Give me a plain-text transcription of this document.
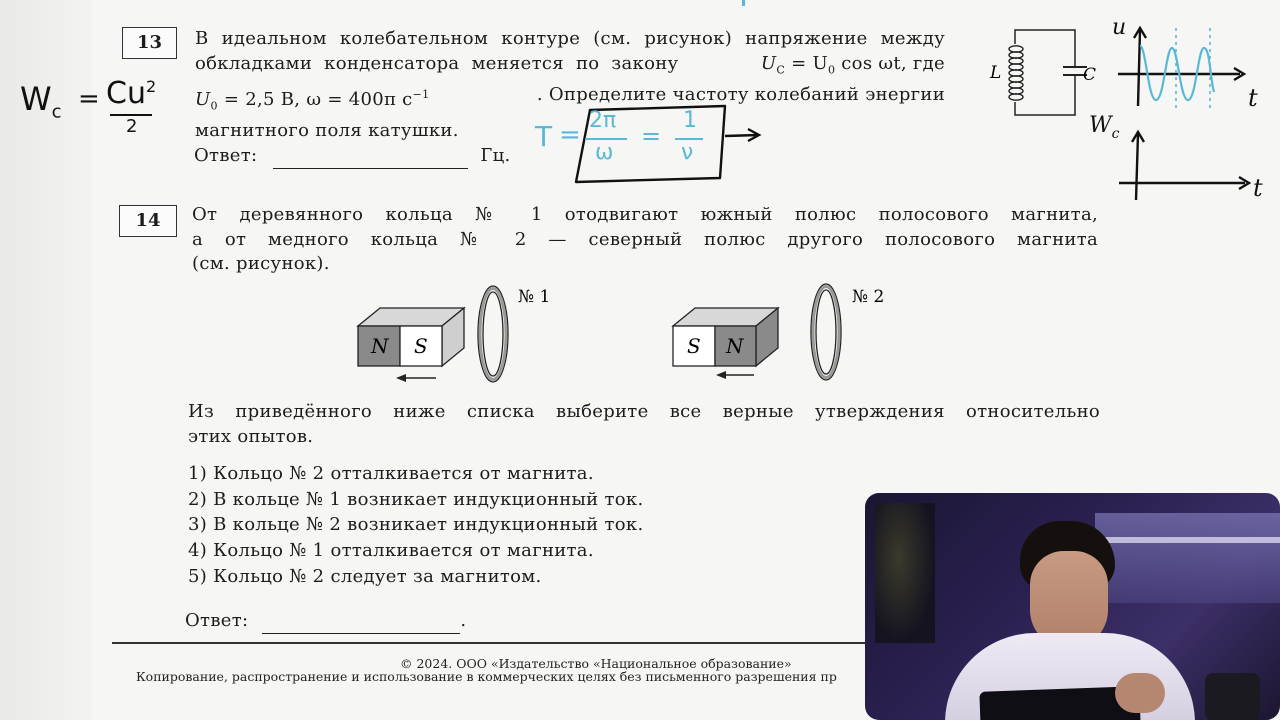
13	В идеальном колебательном контуре (см. рисунок) напряжение между
обкладками конденсатора меняется по закону	$U_C = U_0$ cos ωt, где
$U_0 = 2,5$ В, ω = 400π $с^{-1}$	. Определите частоту колебаний энергии
магнитного поля катушки.
Ответ:	Гц.
L	C
14	От деревянного кольца № 1 отодвигают южный полюс полосового магнита,
а от медного кольца № 2 — северный полюс другого полосового магнита
(см. рисунок).
N S
№ 1
S N
№ 2
Из приведённого ниже списка выберите все верные утверждения относительно
этих опытов.
1) Кольцо № 2 отталкивается от магнита.
2) В кольце № 1 возникает индукционный ток.
3) В кольце № 2 возникает индукционный ток.
4) Кольцо № 1 отталкивается от магнита.
5) Кольцо № 2 следует за магнитом.
Ответ:	.
© 2024. ООО «Издательство «Национальное образование»
Копирование, распространение и использование в коммерческих целях без письменного разрешения пр
$W_c = Cu^2$
2	T = 2π
ω
=
1
ν
u
t
$W_c$
t
